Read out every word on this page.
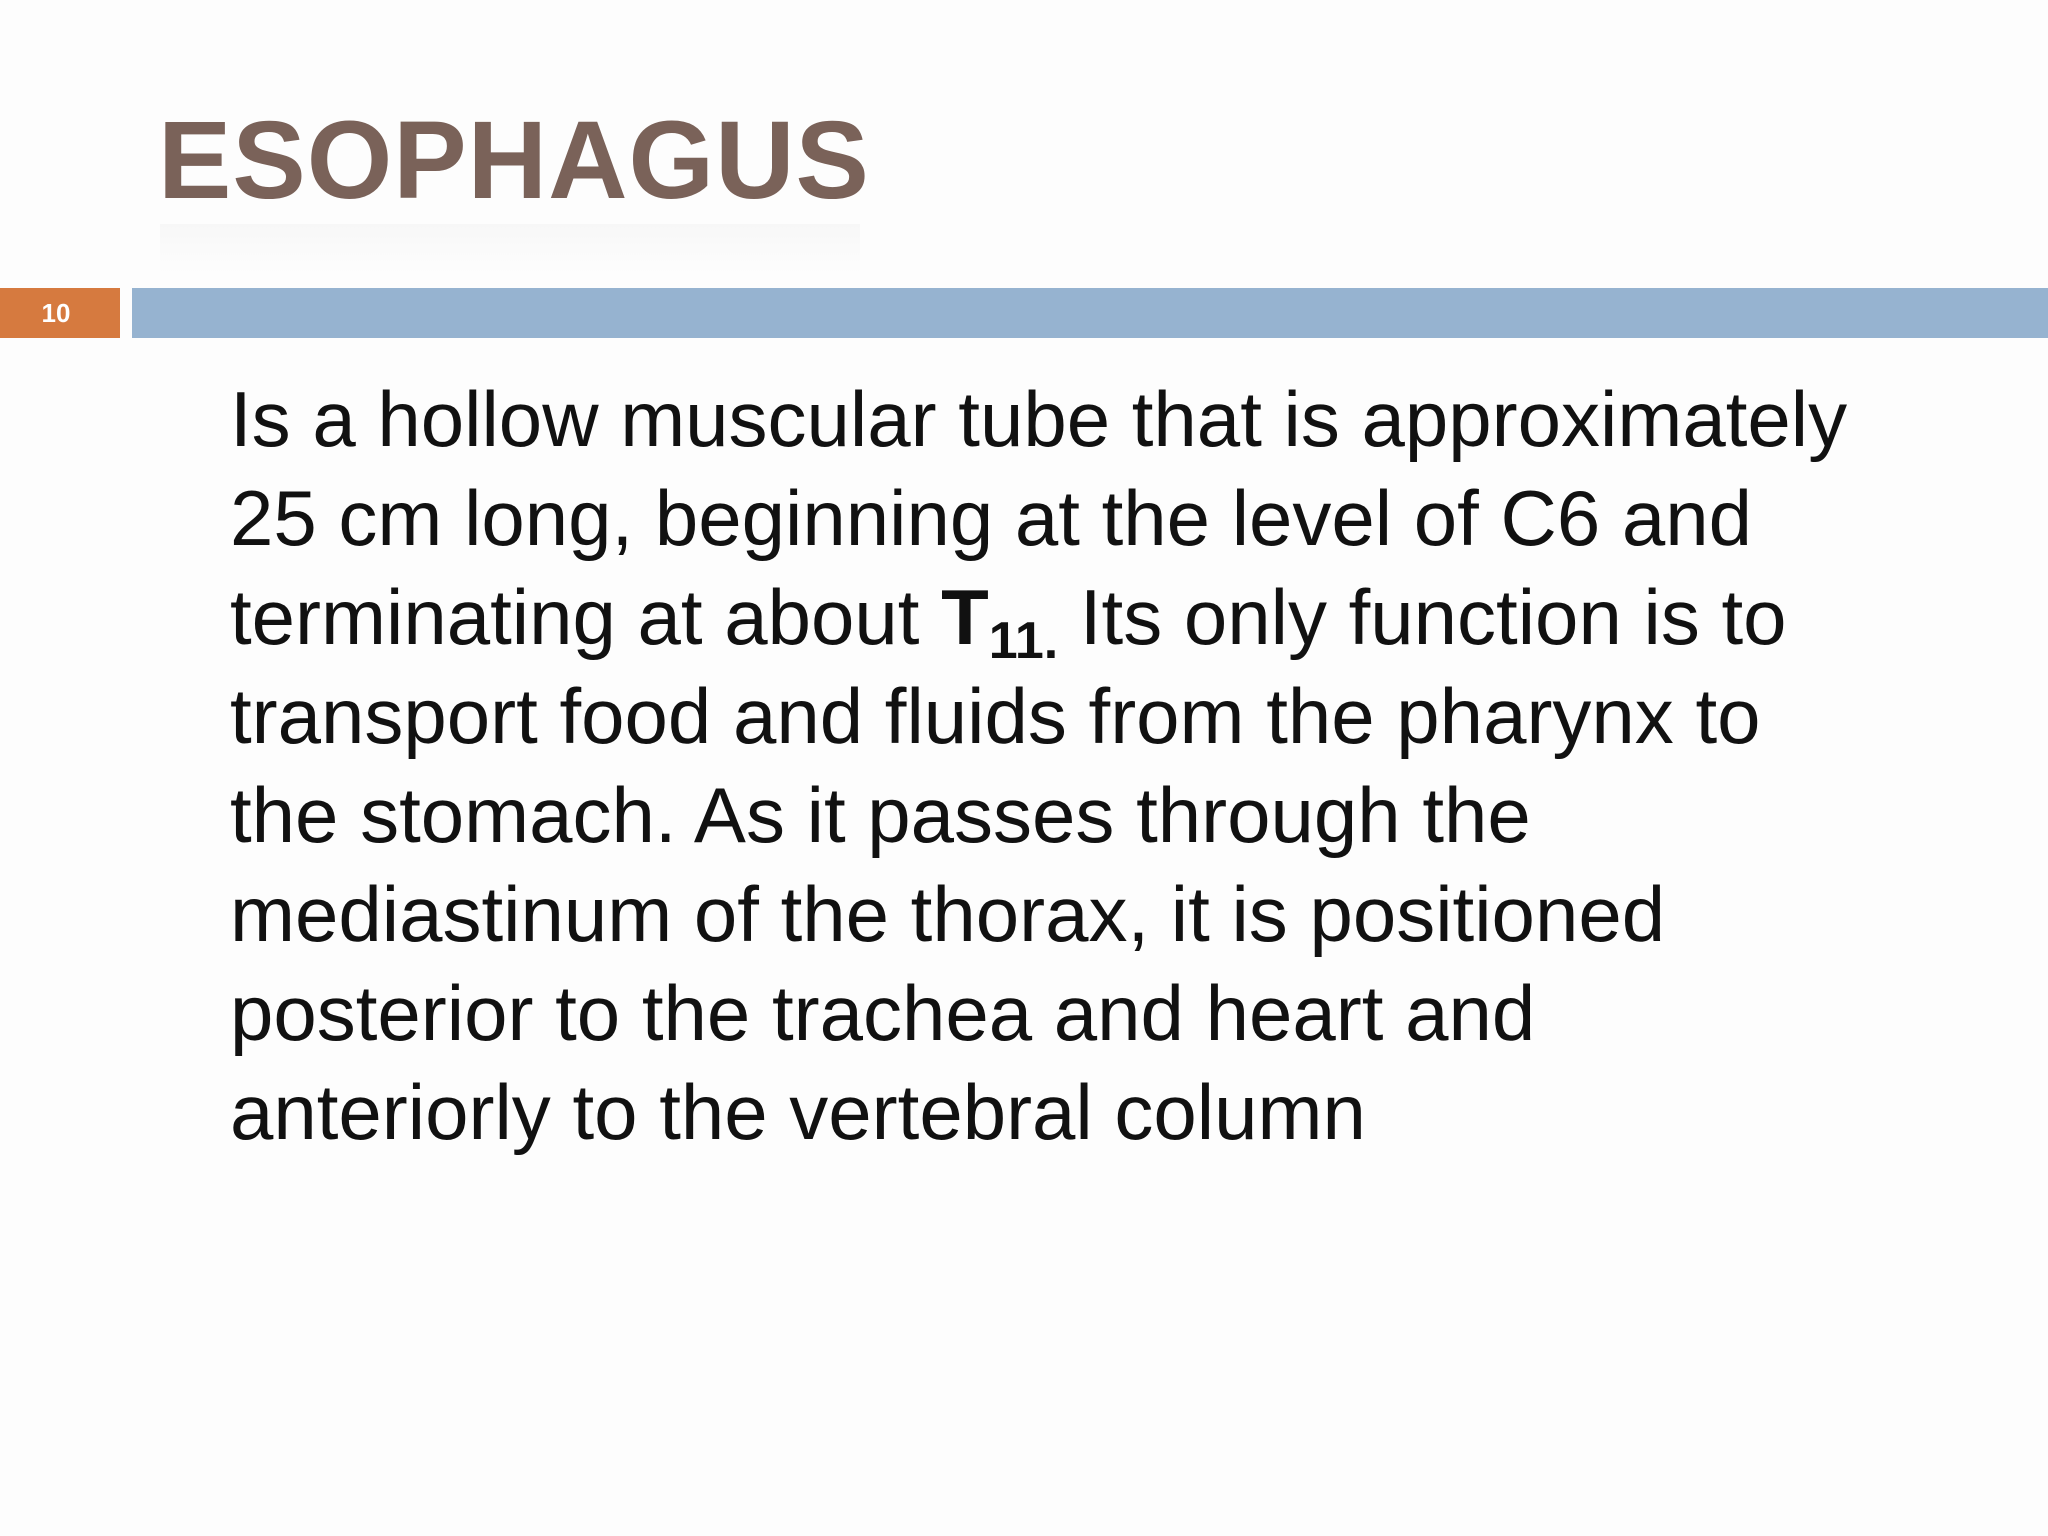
ESOPHAGUS
10
Is a hollow muscular tube that is approximately
25 cm long, beginning at the level of C6 and
terminating at about $T_{11.}$ Its only function is to
transport food and fluids from the pharynx to
the stomach. As it passes through the
mediastinum of the thorax, it is positioned
posterior to the trachea and heart and
anteriorly to the vertebral column
